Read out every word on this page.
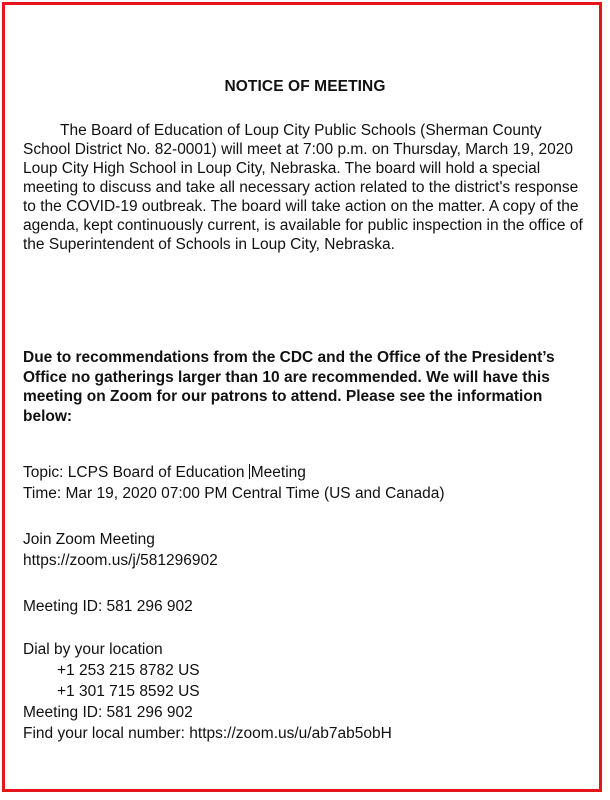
NOTICE OF MEETING

The Board of Education of Loup City Public Schools (Sherman County School District No. 82-0001) will meet at 7:00 p.m. on Thursday, March 19, 2020 Loup City High School in Loup City, Nebraska. The board will hold a special meeting to discuss and take all necessary action related to the district's response to the COVID-19 outbreak. The board will take action on the matter. A copy of the agenda, kept continuously current, is available for public inspection in the office of the Superintendent of Schools in Loup City, Nebraska.

Due to recommendations from the CDC and the Office of the President’s Office no gatherings larger than 10 are recommended. We will have this meeting on Zoom for our patrons to attend. Please see the information below:

Topic: LCPS Board of Education Meeting

Time: Mar 19, 2020 07:00 PM Central Time (US and Canada)

Join Zoom Meeting

https://zoom.us/j/581296902

Meeting ID: 581 296 902

Dial by your location

+1 253 215 8782 US

+1 301 715 8592 US

Meeting ID: 581 296 902

Find your local number: https://zoom.us/u/ab7ab5obH
